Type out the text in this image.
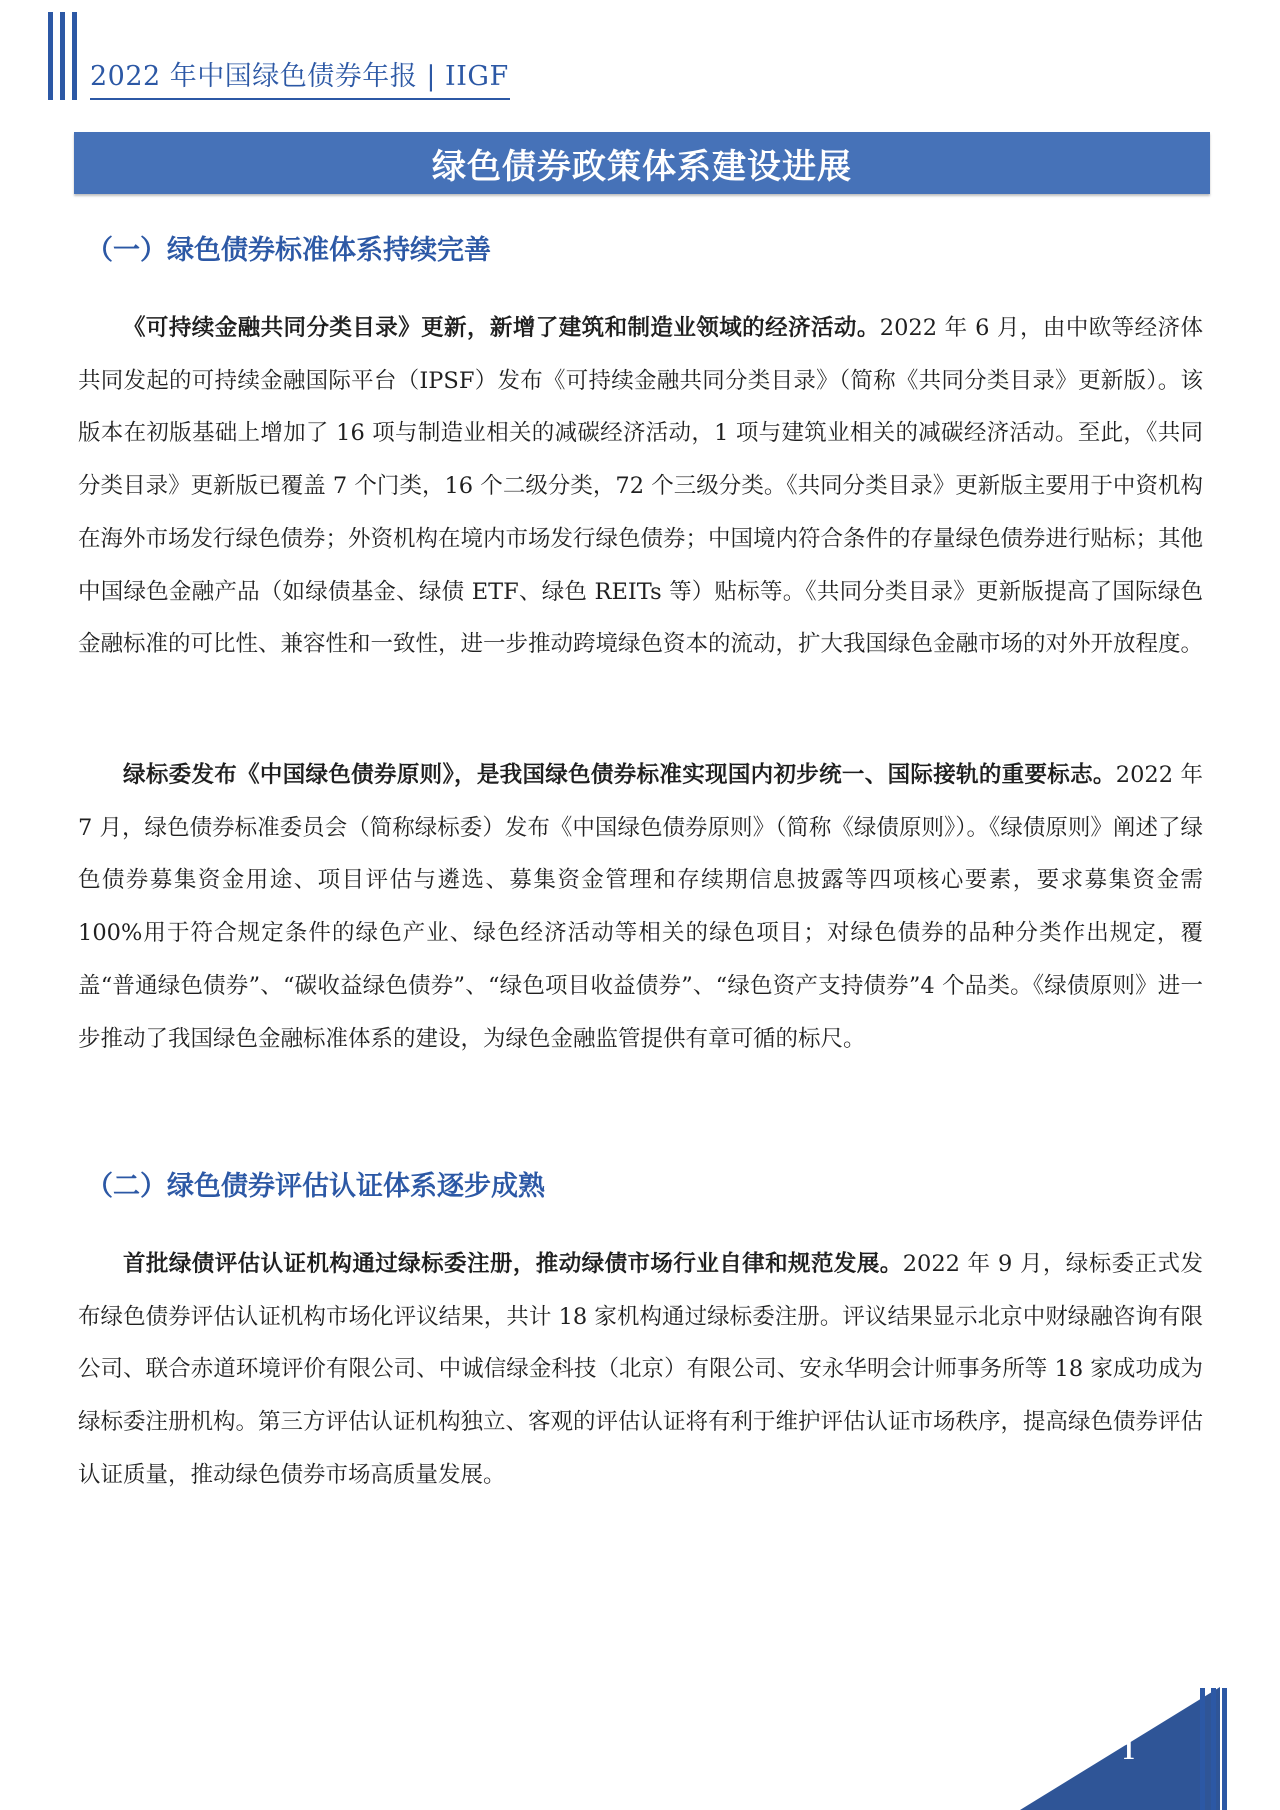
2022 年中国绿色债券年报 | IIGF
绿色债券政策体系建设进展
（一）绿色债券标准体系持续完善

《可持续金融共同分类目录》更新，新增了建筑和制造业领域的经济活动。2022 年 6 月，由中欧等经济体共同发起的可持续金融国际平台（IPSF）发布《可持续金融共同分类目录》（简称《共同分类目录》更新版）。该版本在初版基础上增加了 16 项与制造业相关的减碳经济活动，1 项与建筑业相关的减碳经济活动。至此，《共同分类目录》更新版已覆盖 7 个门类，16 个二级分类，72 个三级分类。《共同分类目录》更新版主要用于中资机构在海外市场发行绿色债券；外资机构在境内市场发行绿色债券；中国境内符合条件的存量绿色债券进行贴标；其他中国绿色金融产品（如绿债基金、绿债 ETF、绿色 REITs 等）贴标等。《共同分类目录》更新版提高了国际绿色金融标准的可比性、兼容性和一致性，进一步推动跨境绿色资本的流动，扩大我国绿色金融市场的对外开放程度。

绿标委发布《中国绿色债券原则》，是我国绿色债券标准实现国内初步统一、国际接轨的重要标志。2022 年 7 月，绿色债券标准委员会（简称绿标委）发布《中国绿色债券原则》（简称《绿债原则》）。《绿债原则》阐述了绿色债券募集资金用途、项目评估与遴选、募集资金管理和存续期信息披露等四项核心要素，要求募集资金需 100%用于符合规定条件的绿色产业、绿色经济活动等相关的绿色项目；对绿色债券的品种分类作出规定，覆盖“普通绿色债券”、“碳收益绿色债券”、“绿色项目收益债券”、“绿色资产支持债券”4 个品类。《绿债原则》进一步推动了我国绿色金融标准体系的建设，为绿色金融监管提供有章可循的标尺。

（二）绿色债券评估认证体系逐步成熟

首批绿债评估认证机构通过绿标委注册，推动绿债市场行业自律和规范发展。2022 年 9 月，绿标委正式发布绿色债券评估认证机构市场化评议结果，共计 18 家机构通过绿标委注册。评议结果显示北京中财绿融咨询有限公司、联合赤道环境评价有限公司、中诚信绿金科技（北京）有限公司、安永华明会计师事务所等 18 家成功成为绿标委注册机构。第三方评估认证机构独立、客观的评估认证将有利于维护评估认证市场秩序，提高绿色债券评估认证质量，推动绿色债券市场高质量发展。

1
